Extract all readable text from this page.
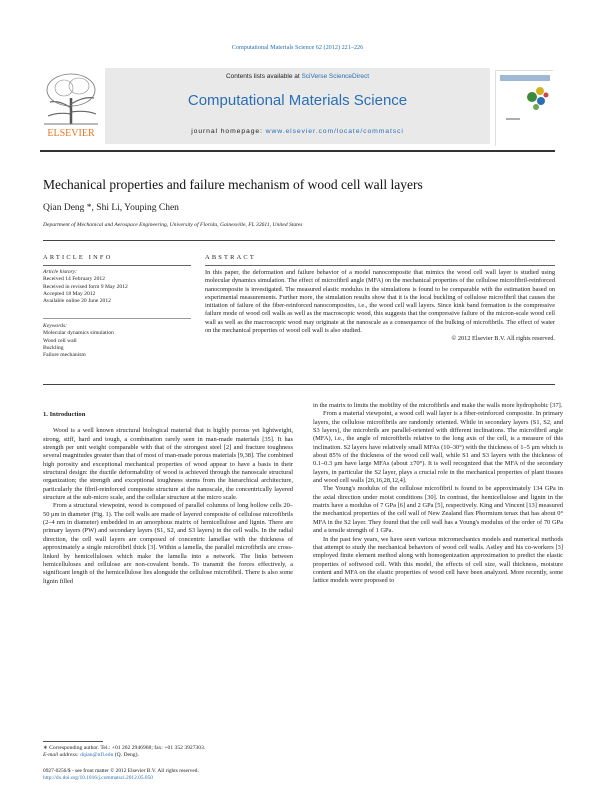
Computational Materials Science 62 (2012) 221–226
Contents lists available at SciVerse ScienceDirect
Computational Materials Science
journal homepage: www.elsevier.com/locate/commatsci
ELSEVIER
Mechanical properties and failure mechanism of wood cell wall layers
Qian Deng *, Shi Li, Youping Chen
Department of Mechanical and Aerospace Engineering, University of Florida, Gainesville, FL 32611, United States
ARTICLE INFO	ABSTRACT
Article history:
Received 14 February 2012
Received in revised form 9 May 2012
Accepted 18 May 2012
Available online 20 June 2012
Keywords:
Molecular dynamics simulation
Wood cell wall
Buckling
Failure mechanism

In this paper, the deformation and failure behavior of a model nanocomposite that mimics the wood cell wall layer is studied using molecular dynamics simulation. The effect of microfibril angle (MFA) on the mechanical properties of the cellulose microfibril-reinforced nanocomposite is investigated. The measured elastic modulus in the simulations is found to be comparable with the estimation based on experimental measurements. Further more, the simulation results show that it is the local buckling of cellulose microfibril that causes the initiation of failure of the fiber-reinforced nanocomposites, i.e., the wood cell wall layers. Since kink band formation is the compressive failure mode of wood cell walls as well as the macroscopic wood, this suggests that the compressive failure of the micron-scale wood cell wall as well as the macroscopic wood may originate at the nanoscale as a consequence of the bulking of microfibrils. The effect of water on the mechanical properties of wood cell wall is also studied.

© 2012 Elsevier B.V. All rights reserved.
1. Introduction

Wood is a well known structural biological material that is highly porous yet lightweight, strong, stiff, hard and tough, a combination rarely seen in man-made materials [35]. It has strength per unit weight comparable with that of the strongest steel [2] and fracture toughness several magnitudes greater than that of most of man-made porous materials [9,38]. The combined high porosity and exceptional mechanical properties of wood appear to have a basis in their structural design: the ductile deformability of wood is achieved through the nanoscale structural organization; the strength and exceptional toughness stems from the hierarchical architecture, particularly the fibril-reinforced composite structure at the nanoscale, the concentrically layered structure at the sub-micro scale, and the cellular structure at the micro scale.

From a structural viewpoint, wood is composed of parallel columns of long hollow cells 20–50 μm in diameter (Fig. 1). The cell walls are made of layered composite of cellulose microfibrils (2–4 nm in diameter) embedded in an amorphous matrix of hemicellulose and lignin. There are primary layers (PW) and secondary layers (S1, S2, and S3 layers) in the cell walls. In the radial direction, the cell wall layers are composed of concentric lamellae with the thickness of approximately a single microfibril thick [3]. Within a lamella, the parallel microfibrils are cross-linked by hemicelluloses which make the lamella into a network. The links between hemicelluloses and cellulose are non-covalent bonds. To transmit the forces effectively, a significant length of the hemicellulose lies alongside the cellulose microfibril. There is also some lignin filled

in the matrix to limits the mobility of the microfibrils and make the walls more hydrophobic [37].

From a material viewpoint, a wood cell wall layer is a fiber-reinforced composite. In primary layers, the cellulose microfibrils are randomly oriented. While in secondary layers (S1, S2, and S3 layers), the microbrils are parallel-oriented with different inclinations. The microfibril angle (MFA), i.e., the angle of microfibrils relative to the long axis of the cell, is a measure of this inclination. S2 layers have relatively small MFAs (10–30°) with the thickness of 1–5 μm which is about 85% of the thickness of the wood cell wall, while S1 and S3 layers with the thickness of 0.1–0.3 μm have large MFAs (about ±70°). It is well recognized that the MFA of the secondary layers, in particular the S2 layer, plays a crucial role in the mechanical properties of plant tissues and wood cell walls [26,16,28,12,4].

The Young's modulus of the cellulose microfibril is found to be approximately 134 GPa in the axial direction under moist conditions [30]. In contrast, the hemicellulose and lignin in the matrix have a modulus of 7 GPa [6] and 2 GPa [5], respectively. King and Vincent [13] measured the mechanical properties of the cell wall of New Zealand flax Phormium tenax that has about 0° MFA in the S2 layer. They found that the cell wall has a Young's modulus of the order of 70 GPa and a tensile strength of 1 GPa.

In the past few years, we have seen various micromechanics models and numerical methods that attempt to study the mechanical behaviors of wood cell walls. Astley and his co-workers [3] employed finite element method along with homogenization approximation to predict the elastic properties of softwood cell. With this model, the effects of cell size, wall thickness, moisture content and MFA on the elastic properties of wood cell have been analyzed. More recently, some lattice models were proposed to

∗ Corresponding author. Tel.: +01 202 2946968; fax: +01 352 3927303.
E-mail address: dqian@ufl.edu (Q. Deng).
0927-0256/$ - see front matter © 2012 Elsevier B.V. All rights reserved.
http://dx.doi.org/10.1016/j.commatsci.2012.05.050
